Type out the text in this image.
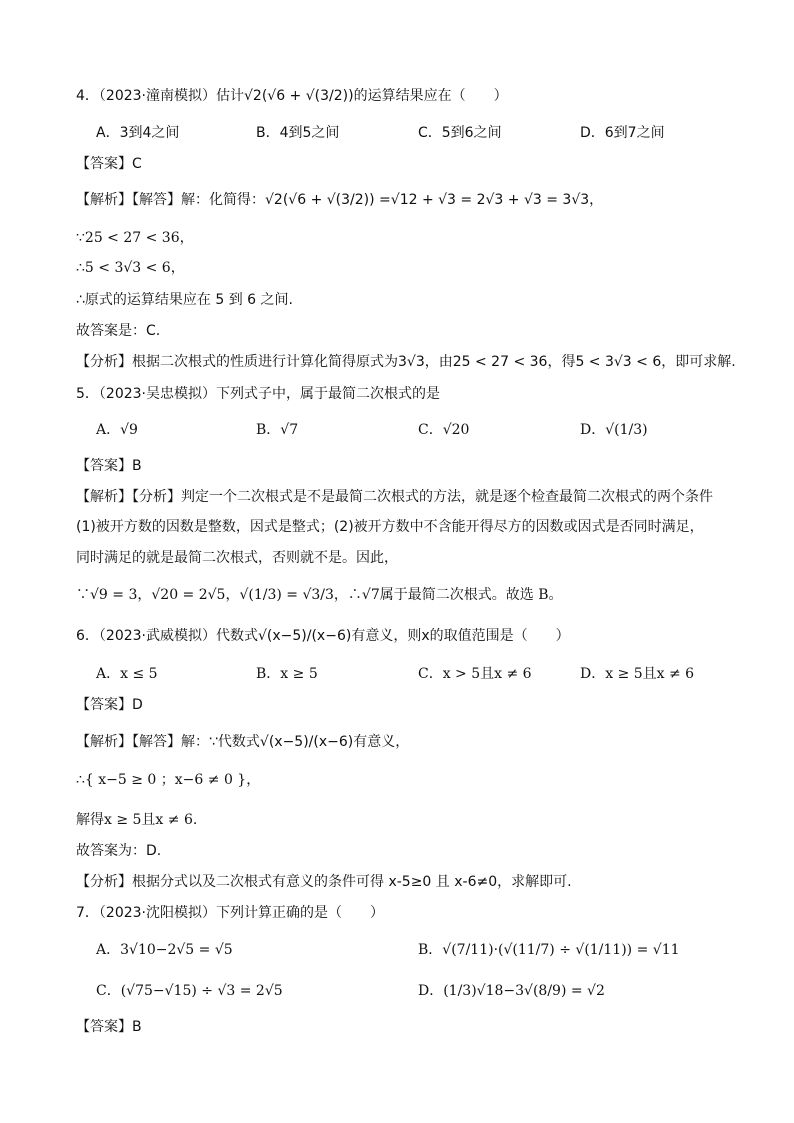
4．（2023·潼南模拟）估计√2(√6 + √(3/2))的运算结果应在（　　）
A．3到4之间	B．4到5之间	C．5到6之间	D．6到7之间
【答案】C
【解析】【解答】解：化简得：√2(√6 + √(3/2)) =√12 + √3 = 2√3 + √3 = 3√3，
∵25 < 27 < 36，
∴5 < 3√3 < 6，
∴原式的运算结果应在 5 到 6 之间.
故答案是：C.
【分析】根据二次根式的性质进行计算化简得原式为3√3，由25 < 27 < 36，得5 < 3√3 < 6，即可求解.
5．（2023·吴忠模拟）下列式子中，属于最简二次根式的是
A．√9	B．√7	C．√20	D．√(1/3)
【答案】B
【解析】【分析】判定一个二次根式是不是最简二次根式的方法，就是逐个检查最简二次根式的两个条件
(1)被开方数的因数是整数，因式是整式；(2)被开方数中不含能开得尽方的因数或因式是否同时满足，
同时满足的就是最简二次根式，否则就不是。因此，
∵√9 = 3，√20 = 2√5，√(1/3) = √3/3，∴√7属于最简二次根式。故选 B。
6．（2023·武威模拟）代数式√(x−5)/(x−6)有意义，则x的取值范围是（　　）
A．x ≤ 5	B．x ≥ 5	C．x > 5且x ≠ 6	D．x ≥ 5且x ≠ 6
【答案】D
【解析】【解答】解：∵代数式√(x−5)/(x−6)有意义，
∴{ x−5 ≥ 0 ；x−6 ≠ 0 }，
解得x ≥ 5且x ≠ 6.
故答案为：D.
【分析】根据分式以及二次根式有意义的条件可得 x-5≥0 且 x-6≠0，求解即可.
7．（2023·沈阳模拟）下列计算正确的是（　　）
A．3√10−2√5 = √5	B．√(7/11)·(√(11/7) ÷ √(1/11)) = √11
C．(√75−√15) ÷ √3 = 2√5	D．(1/3)√18−3√(8/9) = √2
【答案】B
